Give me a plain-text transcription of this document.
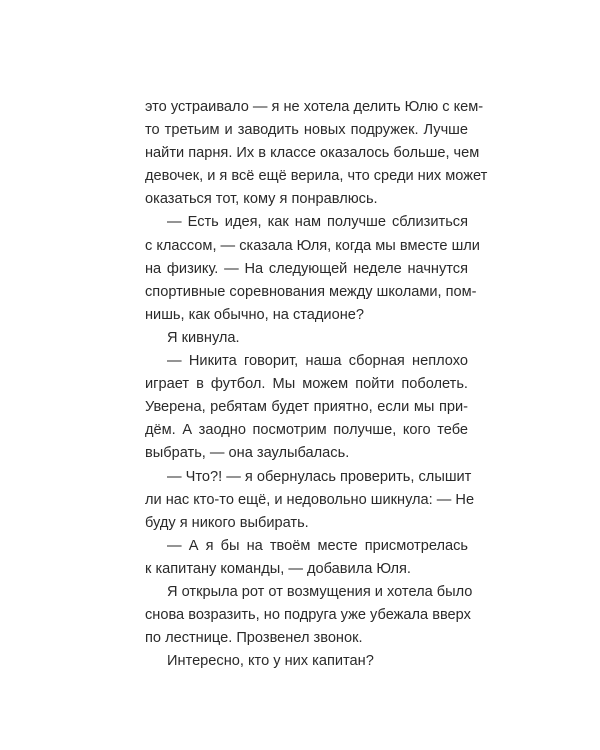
это устраивало — я не хотела делить Юлю с кем-
то третьим и заводить новых подружек. Лучше
найти парня. Их в классе оказалось больше, чем
девочек, и я всё ещё верила, что среди них может
оказаться тот, кому я понравлюсь.
— Есть идея, как нам получше сблизиться
с классом, — сказала Юля, когда мы вместе шли
на физику. — На следующей неделе начнутся
спортивные соревнования между школами, пом-
нишь, как обычно, на стадионе?
Я кивнула.
— Никита говорит, наша сборная неплохо
играет в футбол. Мы можем пойти поболеть.
Уверена, ребятам будет приятно, если мы при-
дём. А заодно посмотрим получше, кого тебе
выбрать, — она заулыбалась.
— Что?! — я обернулась проверить, слышит
ли нас кто-то ещё, и недовольно шикнула: — Не
буду я никого выбирать.
— А я бы на твоём месте присмотрелась
к капитану команды, — добавила Юля.
Я открыла рот от возмущения и хотела было
снова возразить, но подруга уже убежала вверх
по лестнице. Прозвенел звонок.
Интересно, кто у них капитан?
